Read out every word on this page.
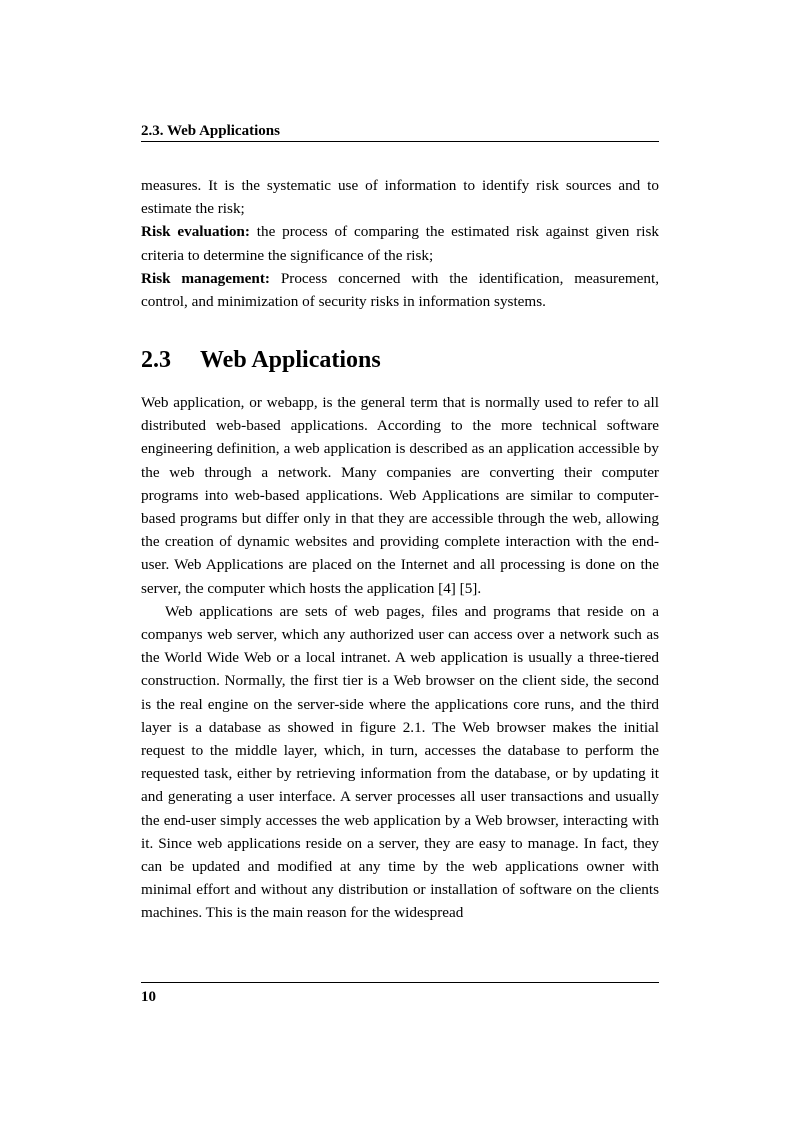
2.3. Web Applications

measures. It is the systematic use of information to identify risk sources and to estimate the risk;

Risk evaluation: the process of comparing the estimated risk against given risk criteria to determine the significance of the risk;

Risk management: Process concerned with the identification, measurement, control, and minimization of security risks in information systems.

2.3 Web Applications

Web application, or webapp, is the general term that is normally used to refer to all distributed web-based applications. According to the more technical software engineering definition, a web application is described as an application accessible by the web through a network. Many companies are converting their computer programs into web-based applications. Web Applications are similar to computer-based programs but differ only in that they are accessible through the web, allowing the creation of dynamic websites and providing complete interaction with the end-user. Web Applications are placed on the Internet and all processing is done on the server, the computer which hosts the application [4] [5].

Web applications are sets of web pages, files and programs that reside on a companys web server, which any authorized user can access over a network such as the World Wide Web or a local intranet. A web application is usually a three-tiered construction. Normally, the first tier is a Web browser on the client side, the second is the real engine on the server-side where the applications core runs, and the third layer is a database as showed in figure 2.1. The Web browser makes the initial request to the middle layer, which, in turn, accesses the database to perform the requested task, either by retrieving information from the database, or by updating it and generating a user interface. A server processes all user transactions and usually the end-user simply accesses the web application by a Web browser, interacting with it. Since web applications reside on a server, they are easy to manage. In fact, they can be updated and modified at any time by the web applications owner with minimal effort and without any distribution or installation of software on the clients machines. This is the main reason for the widespread

10
